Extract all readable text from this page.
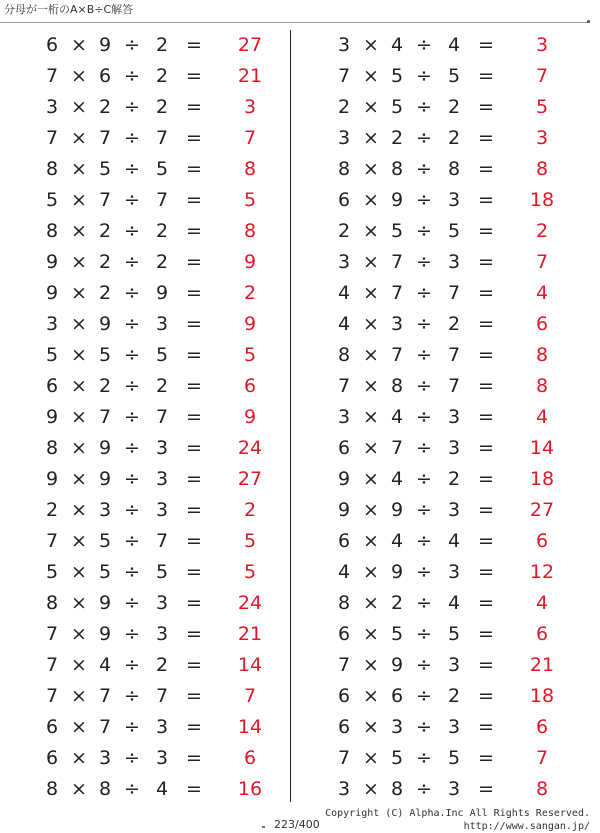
分母が一桁のA×B÷C解答
6 × 9 ÷ 2 =	27
7 × 6 ÷ 2 =	21
3 × 2 ÷ 2 =	3
7 × 7 ÷ 7 =	7
8 × 5 ÷ 5 =	8
5 × 7 ÷ 7 =	5
8 × 2 ÷ 2 =	8
9 × 2 ÷ 2 =	9
9 × 2 ÷ 9 =	2
3 × 9 ÷ 3 =	9
5 × 5 ÷ 5 =	5
6 × 2 ÷ 2 =	6
9 × 7 ÷ 7 =	9
8 × 9 ÷ 3 =	24
9 × 9 ÷ 3 =	27
2 × 3 ÷ 3 =	2
7 × 5 ÷ 7 =	5
5 × 5 ÷ 5 =	5
8 × 9 ÷ 3 =	24
7 × 9 ÷ 3 =	21
7 × 4 ÷ 2 =	14
7 × 7 ÷ 7 =	7
6 × 7 ÷ 3 =	14
6 × 3 ÷ 3 =	6
8 × 8 ÷ 4 =	16
3 × 4 ÷ 4 =	3
7 × 5 ÷ 5 =	7
2 × 5 ÷ 2 =	5
3 × 2 ÷ 2 =	3
8 × 8 ÷ 8 =	8
6 × 9 ÷ 3 =	18
2 × 5 ÷ 5 =	2
3 × 7 ÷ 3 =	7
4 × 7 ÷ 7 =	4
4 × 3 ÷ 2 =	6
8 × 7 ÷ 7 =	8
7 × 8 ÷ 7 =	8
3 × 4 ÷ 3 =	4
6 × 7 ÷ 3 =	14
9 × 4 ÷ 2 =	18
9 × 9 ÷ 3 =	27
6 × 4 ÷ 4 =	6
4 × 9 ÷ 3 =	12
8 × 2 ÷ 4 =	4
6 × 5 ÷ 5 =	6
7 × 9 ÷ 3 =	21
6 × 6 ÷ 2 =	18
6 × 3 ÷ 3 =	6
7 × 5 ÷ 5 =	7
3 × 8 ÷ 3 =	8
Copyright (C) Alpha.Inc All Rights Reserved.
http://www.sangan.jp/
223/400
